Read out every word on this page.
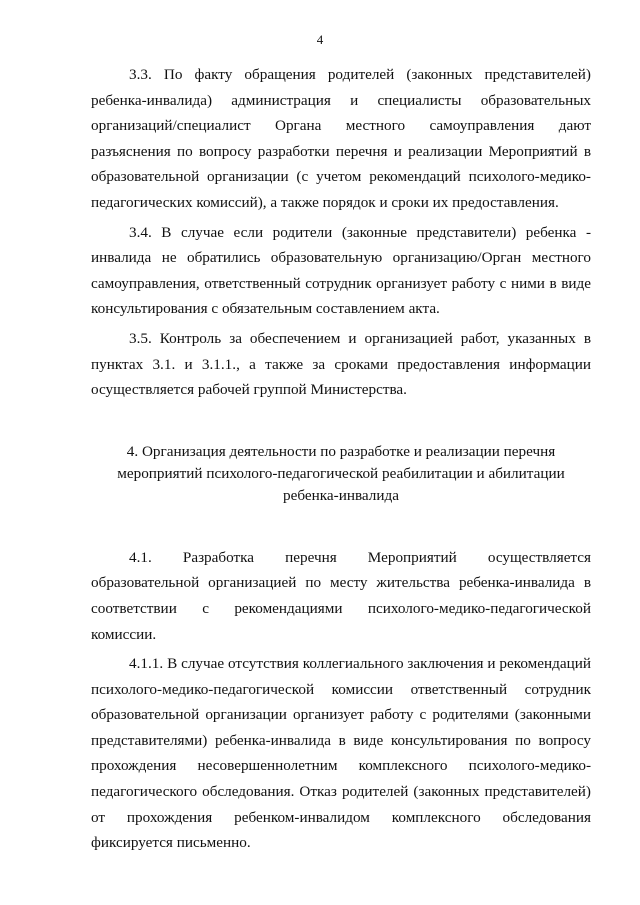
4

3.3. По факту обращения родителей (законных представителей) ребенка-инвалида) администрация и специалисты образовательных организаций/специалист Органа местного самоуправления дают разъяснения по вопросу разработки перечня и реализации Мероприятий в образовательной организации (с учетом рекомендаций психолого-медико-педагогических комиссий), а также порядок и сроки их предоставления.

3.4. В случае если родители (законные представители) ребенка - инвалида не обратились образовательную организацию/Орган местного самоуправления, ответственный сотрудник организует работу с ними в виде консультирования с обязательным составлением акта.

3.5. Контроль за обеспечением и организацией работ, указанных в пунктах 3.1. и 3.1.1., а также за сроками предоставления информации осуществляется рабочей группой Министерства.

4. Организация деятельности по разработке и реализации перечня мероприятий психолого-педагогической реабилитации и абилитации ребенка-инвалида

4.1. Разработка перечня Мероприятий осуществляется образовательной организацией по месту жительства ребенка-инвалида в соответствии с рекомендациями психолого-медико-педагогической комиссии.

4.1.1. В случае отсутствия коллегиального заключения и рекомендаций психолого-медико-педагогической комиссии ответственный сотрудник образовательной организации организует работу с родителями (законными представителями) ребенка-инвалида в виде консультирования по вопросу прохождения несовершеннолетним комплексного психолого-медико-педагогического обследования. Отказ родителей (законных представителей) от прохождения ребенком-инвалидом комплексного обследования фиксируется письменно.
